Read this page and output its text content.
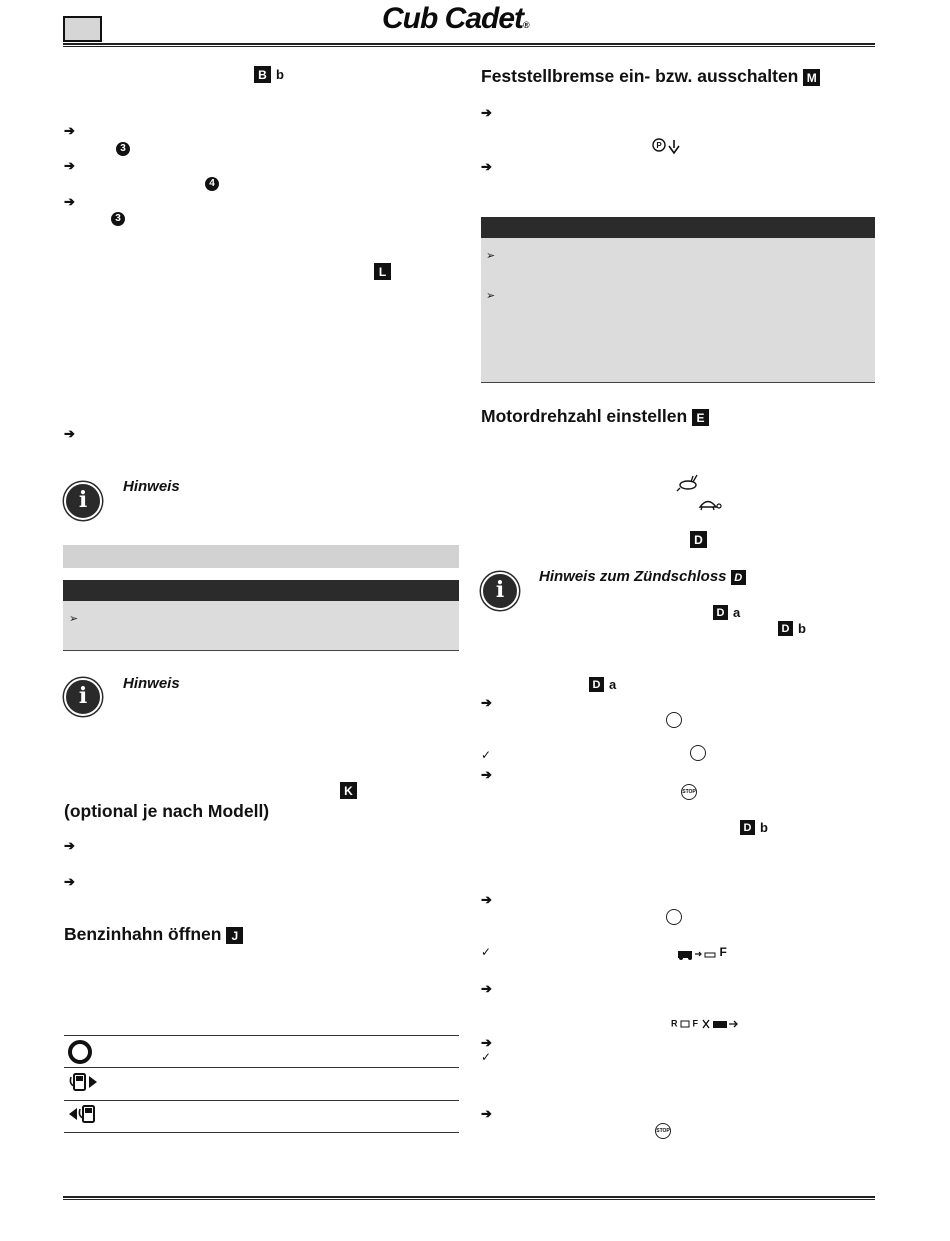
Cub Cadet®
B b
➔
3
➔
4
➔
3
L
➔
i
Hinweis
➢
i	Hinweis
K
(optional je nach Modell)
➔
➔
Benzinhahn öffnen J
Feststellbremse ein- bzw. ausschalten M
➔
P
➔
➢
➢
Motordrehzahl einstellen E
D
i
Hinweis zum Zündschloss D
D a
D b
D a
➔
✓
➔
STOP
D b
➔
✓	F
➔
R F
➔
✓
➔
STOP
